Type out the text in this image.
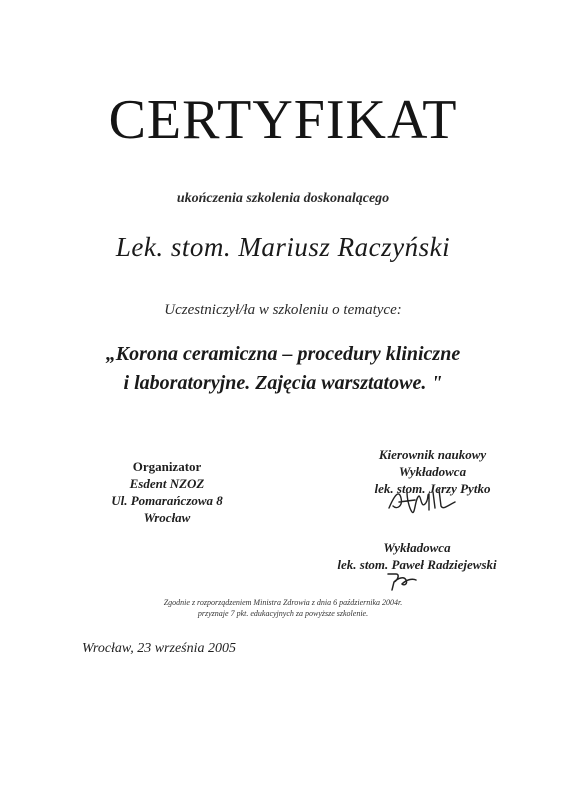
CERTYFIKAT
ukończenia szkolenia doskonalącego
Lek. stom. Mariusz Raczyński
Uczestniczył/ła w szkoleniu o tematyce:
„Korona ceramiczna – procedury kliniczne
i laboratoryjne. Zajęcia warsztatowe. "
Organizator
Esdent NZOZ
Ul. Pomarańczowa 8
Wrocław
Kierownik naukowy
Wykładowca
lek. stom. Jerzy Pytko
Wykładowca
lek. stom. Paweł Radziejewski
Zgodnie z rozporządzeniem Ministra Zdrowia z dnia 6 października 2004r.
przyznaje 7 pkt. edukacyjnych za powyższe szkolenie.
Wrocław, 23 września 2005
